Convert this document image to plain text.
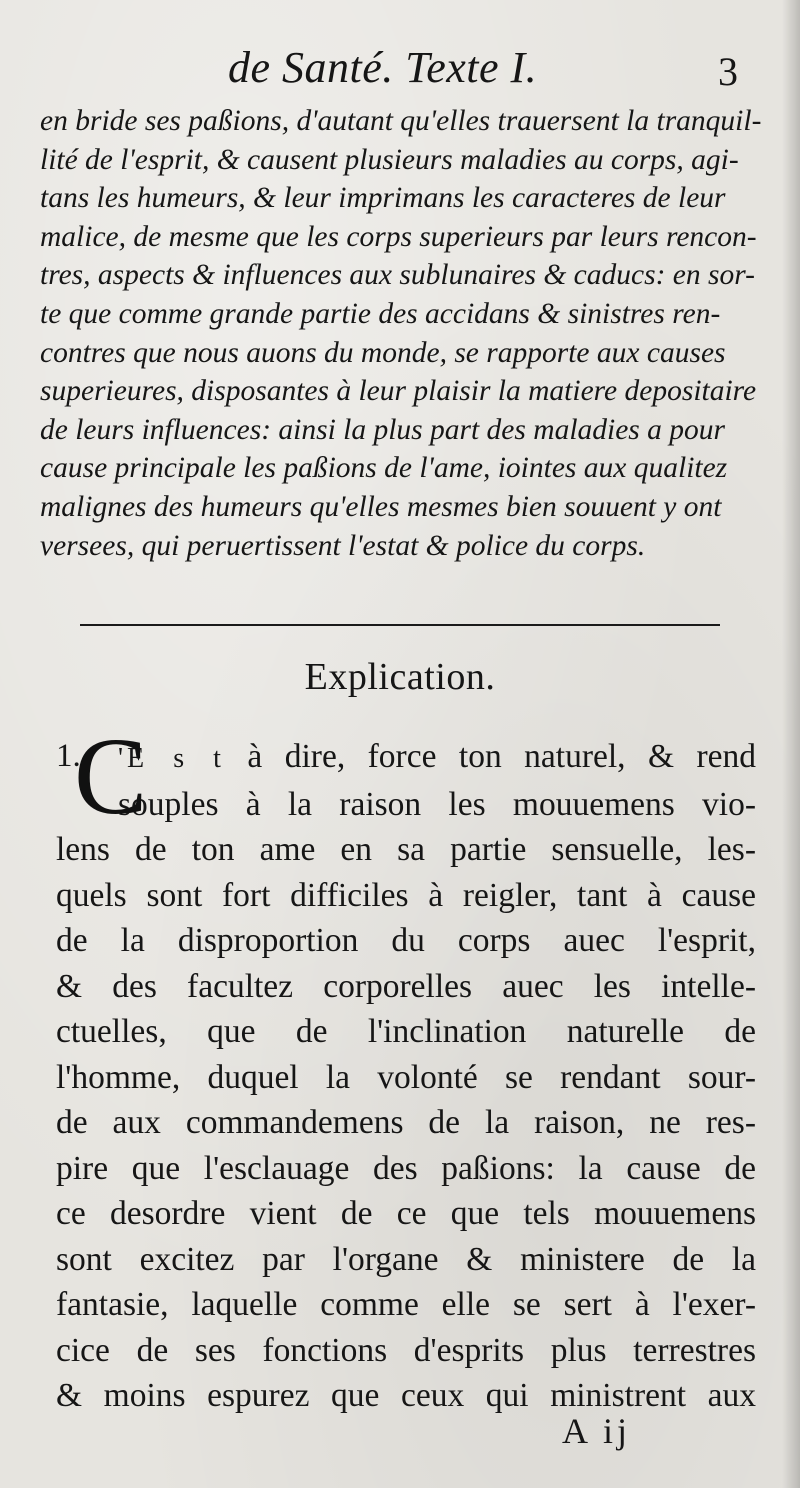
de Santé. Texte I.	3
en bride ses paßions, d'autant qu'elles trauersent la tranquil-
lité de l'esprit, & causent plusieurs maladies au corps, agi-
tans les humeurs, & leur imprimans les caracteres de leur
malice, de mesme que les corps superieurs par leurs rencon-
tres, aspects & influences aux sublunaires & caducs: en sor-
te que comme grande partie des accidans & sinistres ren-
contres que nous auons du monde, se rapporte aux causes
superieures, disposantes à leur plaisir la matiere depositaire
de leurs influences: ainsi la plus part des maladies a pour
cause principale les paßions de l'ame, iointes aux qualitez
malignes des humeurs qu'elles mesmes bien souuent y ont
versees, qui peruertissent l'estat & police du corps.
Explication.
1.
C
'E s t à dire, force ton naturel, & rend
souples à la raison les mouuemens vio-
lens de ton ame en sa partie sensuelle, les-
quels sont fort difficiles à reigler, tant à cause
de la disproportion du corps auec l'esprit,
& des facultez corporelles auec les intelle-
ctuelles, que de l'inclination naturelle de
l'homme, duquel la volonté se rendant sour-
de aux commandemens de la raison, ne res-
pire que l'esclauage des paßions: la cause de
ce desordre vient de ce que tels mouuemens
sont excitez par l'organe & ministere de la
fantasie, laquelle comme elle se sert à l'exer-
cice de ses fonctions d'esprits plus terrestres
& moins espurez que ceux qui ministrent aux
A ij
